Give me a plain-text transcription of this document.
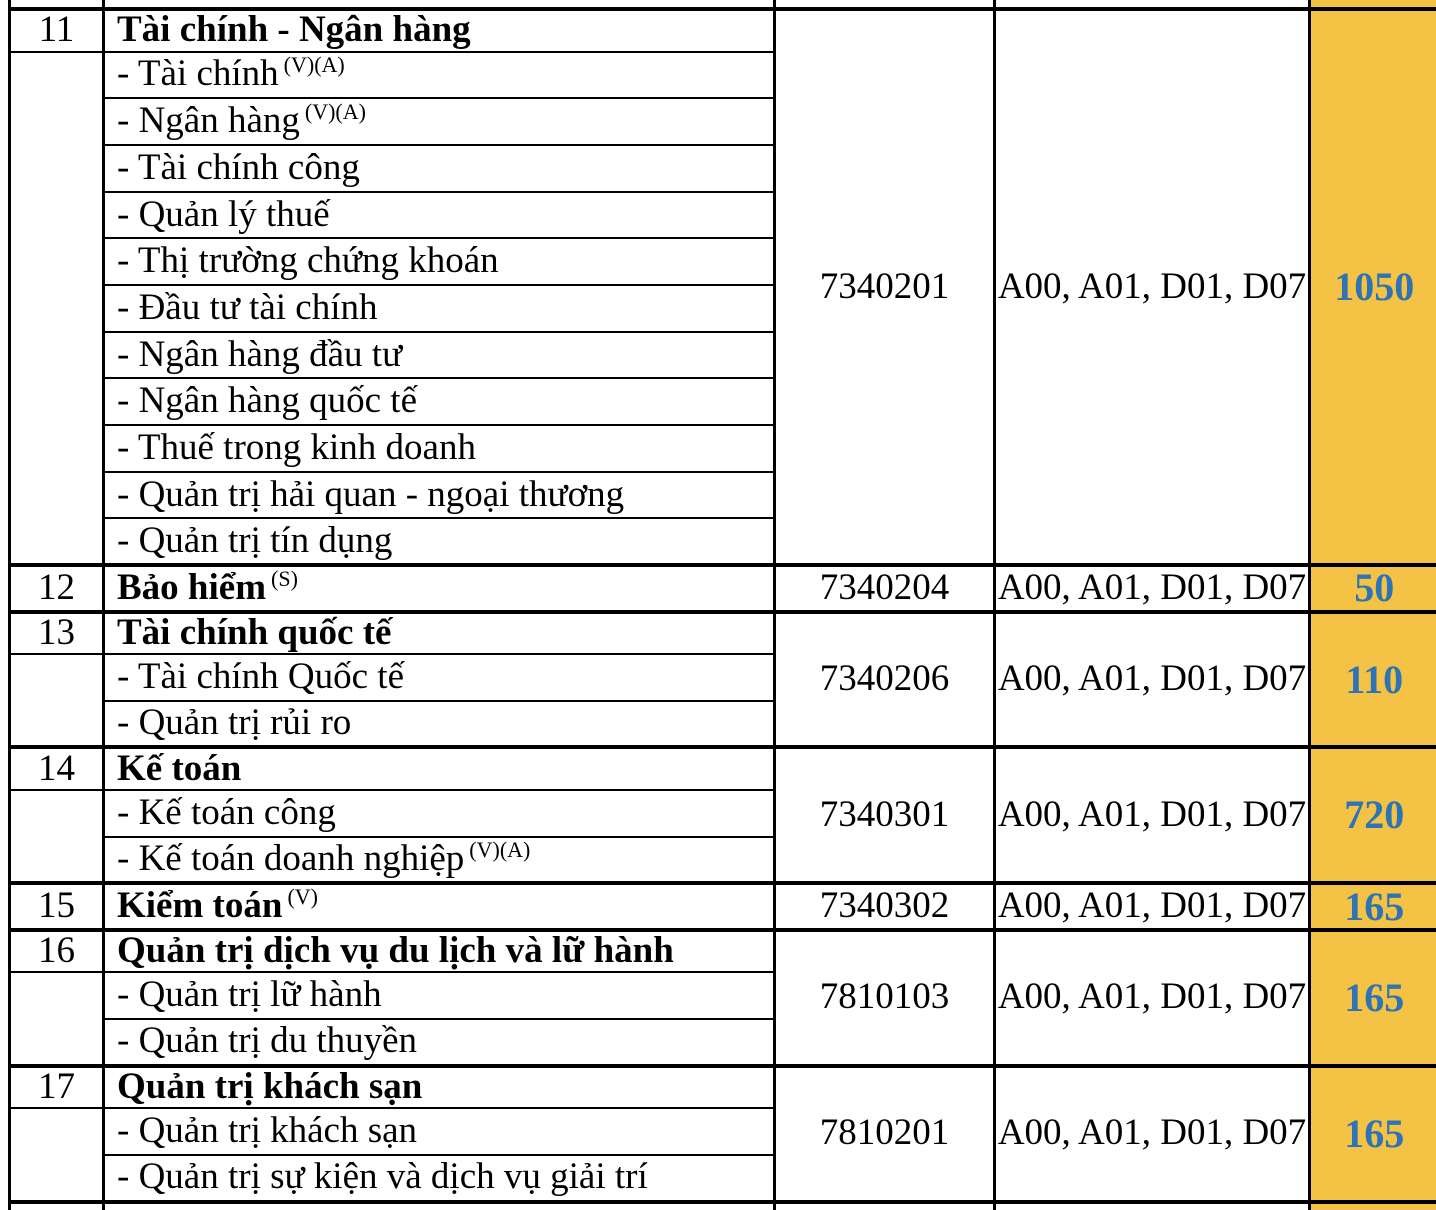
11	Tài chính - Ngân hàng	7340201	A00, A01, D01, D07	1050
	- Tài chính $^{(V)(A)}$
	- Ngân hàng $^{(V)(A)}$
	- Tài chính công			
	- Quản lý thuế			
	- Thị trường chứng khoán			
	- Đầu tư tài chính			
	- Ngân hàng đầu tư			
	- Ngân hàng quốc tế			
	- Thuế trong kinh doanh			
	- Quản trị hải quan - ngoại thương			
	- Quản trị tín dụng			
12	Bảo hiểm $^{(S)}$	7340204	A00, A01, D01, D07	50
13	Tài chính quốc tế	7340206	A00, A01, D01, D07	110
	- Tài chính Quốc tế			
	- Quản trị rủi ro			
14	Kế toán	7340301	A00, A01, D01, D07	720
	- Kế toán công			
	- Kế toán doanh nghiệp $^{(V)(A)}$
15	Kiểm toán $^{(V)}$	7340302	A00, A01, D01, D07	165
16	Quản trị dịch vụ du lịch và lữ hành	7810103	A00, A01, D01, D07	165
	- Quản trị lữ hành			
	- Quản trị du thuyền			
17	Quản trị khách sạn	7810201	A00, A01, D01, D07	165
	- Quản trị khách sạn			
	- Quản trị sự kiện và dịch vụ giải trí			
